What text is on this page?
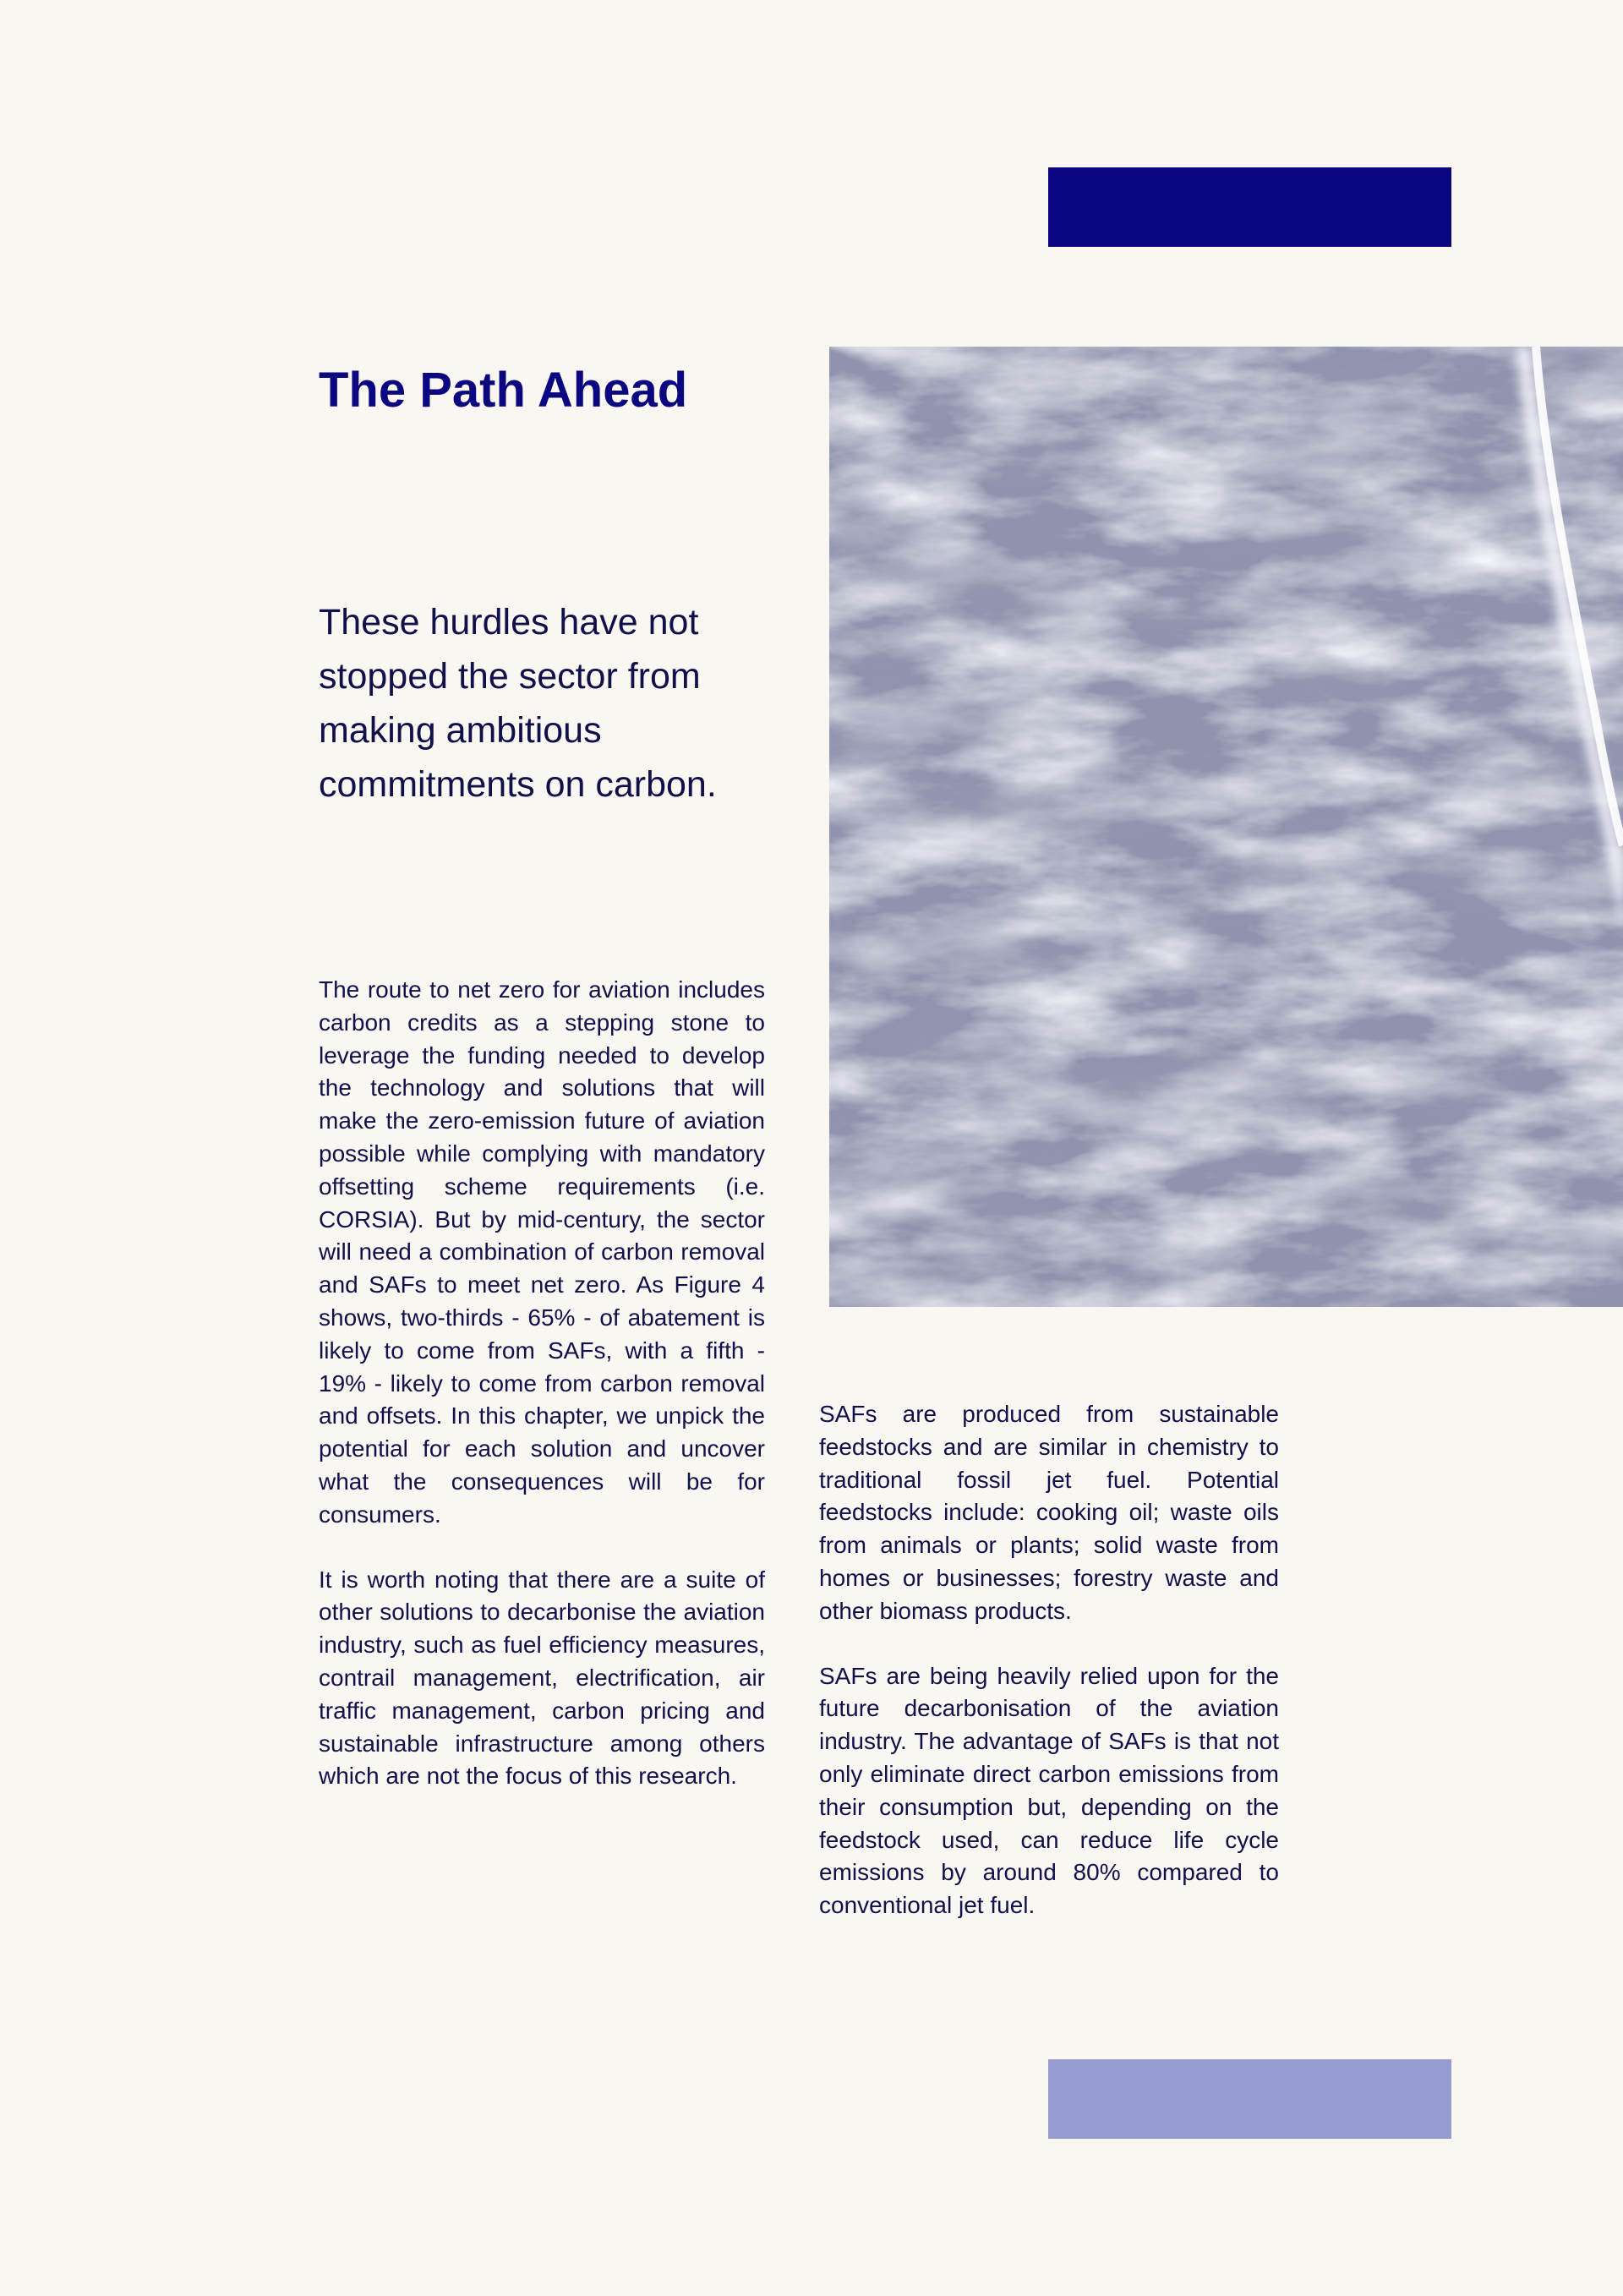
The Path Ahead

These hurdles have not stopped the sector from making ambitious commitments on carbon.

The route to net zero for aviation includes carbon credits as a stepping stone to leverage the funding needed to develop the technology and solutions that will make the zero-emission future of aviation possible while complying with mandatory offsetting scheme requirements (i.e. CORSIA). But by mid-century, the sector will need a combination of carbon removal and SAFs to meet net zero. As Figure 4 shows, two-thirds - 65% - of abatement is likely to come from SAFs, with a fifth - 19% - likely to come from carbon removal and offsets. In this chapter, we unpick the potential for each solution and uncover what the consequences will be for consumers.

It is worth noting that there are a suite of other solutions to decarbonise the aviation industry, such as fuel efficiency measures, contrail management, electrification, air traffic management, carbon pricing and sustainable infrastructure among others which are not the focus of this research.

SAFs are produced from sustainable feedstocks and are similar in chemistry to traditional fossil jet fuel. Potential feedstocks include: cooking oil; waste oils from animals or plants; solid waste from homes or businesses; forestry waste and other biomass products.

SAFs are being heavily relied upon for the future decarbonisation of the aviation industry. The advantage of SAFs is that not only eliminate direct carbon emissions from their consumption but, depending on the feedstock used, can reduce life cycle emissions by around 80% compared to conventional jet fuel.
